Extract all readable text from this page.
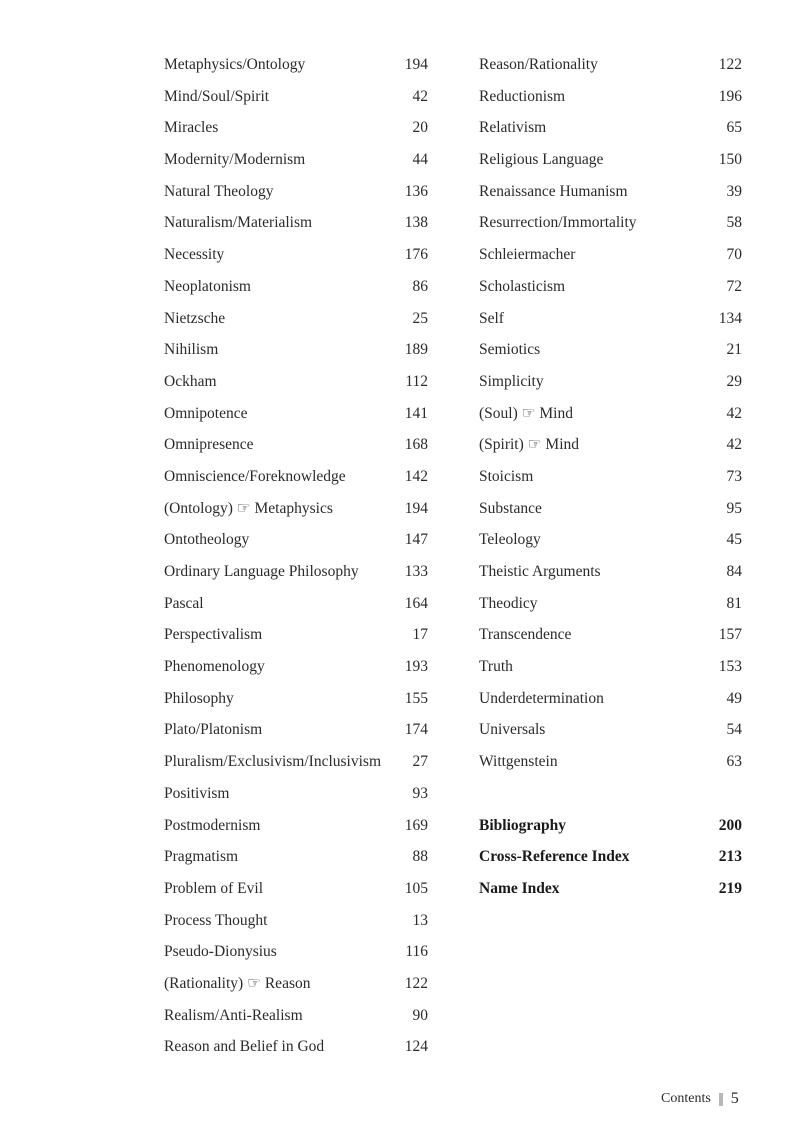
Metaphysics/Ontology	194
Mind/Soul/Spirit	42
Miracles	20
Modernity/Modernism	44
Natural Theology	136
Naturalism/Materialism	138
Necessity	176
Neoplatonism	86
Nietzsche	25
Nihilism	189
Ockham	112
Omnipotence	141
Omnipresence	168
Omniscience/Foreknowledge	142
(Ontology) ☞ Metaphysics	194
Ontotheology	147
Ordinary Language Philosophy	133
Pascal	164
Perspectivalism	17
Phenomenology	193
Philosophy	155
Plato/Platonism	174
Pluralism/Exclusivism/Inclusivism 27
Positivism	93
Postmodernism	169
Pragmatism	88
Problem of Evil	105
Process Thought	13
Pseudo-Dionysius	116
(Rationality) ☞ Reason	122
Realism/Anti-Realism	90
Reason and Belief in God	124
Reason/Rationality	122
Reductionism	196
Relativism	65
Religious Language	150
Renaissance Humanism	39
Resurrection/Immortality	58
Schleiermacher	70
Scholasticism	72
Self	134
Semiotics	21
Simplicity	29
(Soul) ☞ Mind	42
(Spirit) ☞ Mind	42
Stoicism	73
Substance	95
Teleology	45
Theistic Arguments	84
Theodicy	81
Transcendence	157
Truth	153
Underdetermination	49
Universals	54
Wittgenstein	63
Bibliography	200
Cross-Reference Index	213
Name Index	219
Contents 5
